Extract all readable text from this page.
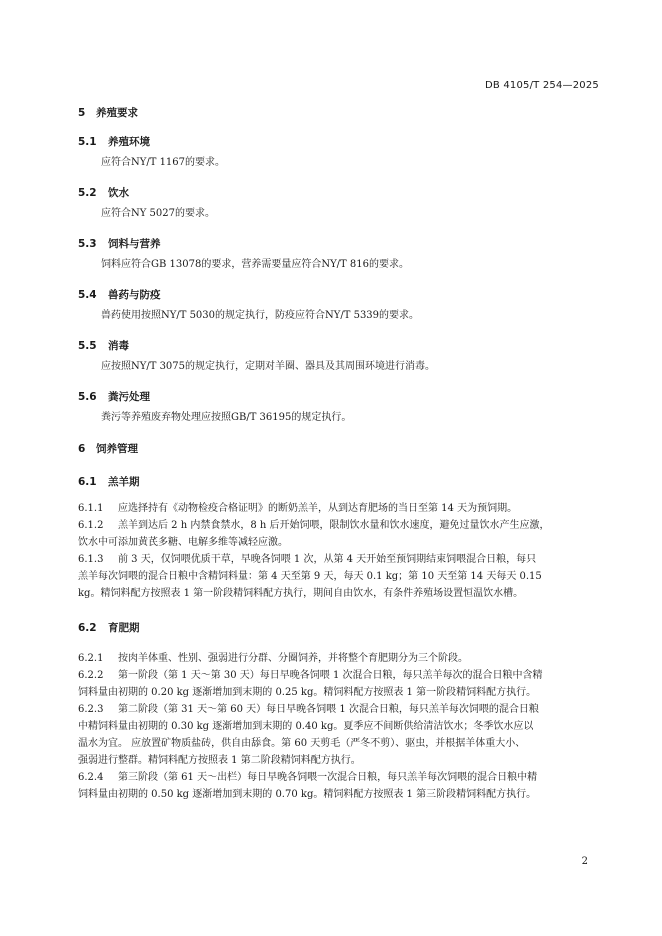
DB 4105/T 254—2025
5 养殖要求
5.1 养殖环境

应符合NY/T 1167的要求。

5.2 饮水

应符合NY 5027的要求。

5.3 饲料与营养

饲料应符合GB 13078的要求，营养需要量应符合NY/T 816的要求。

5.4 兽药与防疫

兽药使用按照NY/T 5030的规定执行，防疫应符合NY/T 5339的要求。

5.5 消毒

应按照NY/T 3075的规定执行，定期对羊圈、器具及其周围环境进行消毒。

5.6 粪污处理

粪污等养殖废弃物处理应按照GB/T 36195的规定执行。

6 饲养管理
6.1 羔羊期

6.1.1 应选择持有《动物检疫合格证明》的断奶羔羊，从到达育肥场的当日至第 14 天为预饲期。

6.1.2 羔羊到达后 2 h 内禁食禁水，8 h 后开始饲喂，限制饮水量和饮水速度，避免过量饮水产生应激，

饮水中可添加黄芪多糖、电解多维等减轻应激。

6.1.3 前 3 天，仅饲喂优质干草，早晚各饲喂 1 次，从第 4 天开始至预饲期结束饲喂混合日粮，每只

羔羊每次饲喂的混合日粮中含精饲料量：第 4 天至第 9 天，每天 0.1 kg；第 10 天至第 14 天每天 0.15

kg。精饲料配方按照表 1 第一阶段精饲料配方执行，期间自由饮水，有条件养殖场设置恒温饮水槽。

6.2 育肥期

6.2.1 按肉羊体重、性别、强弱进行分群、分圈饲养，并将整个育肥期分为三个阶段。

6.2.2 第一阶段（第 1 天～第 30 天）每日早晚各饲喂 1 次混合日粮，每只羔羊每次的混合日粮中含精

饲料量由初期的 0.20 kg 逐渐增加到末期的 0.25 kg。精饲料配方按照表 1 第一阶段精饲料配方执行。

6.2.3 第二阶段（第 31 天～第 60 天）每日早晚各饲喂 1 次混合日粮，每只羔羊每次饲喂的混合日粮

中精饲料量由初期的 0.30 kg 逐渐增加到末期的 0.40 kg。夏季应不间断供给清洁饮水；冬季饮水应以

温水为宜。 应放置矿物质盐砖，供自由舔食。第 60 天剪毛（严冬不剪）、驱虫，并根据羊体重大小、

强弱进行整群。精饲料配方按照表 1 第二阶段精饲料配方执行。

6.2.4 第三阶段（第 61 天～出栏）每日早晚各饲喂一次混合日粮，每只羔羊每次饲喂的混合日粮中精

饲料量由初期的 0.50 kg 逐渐增加到末期的 0.70 kg。精饲料配方按照表 1 第三阶段精饲料配方执行。

2
